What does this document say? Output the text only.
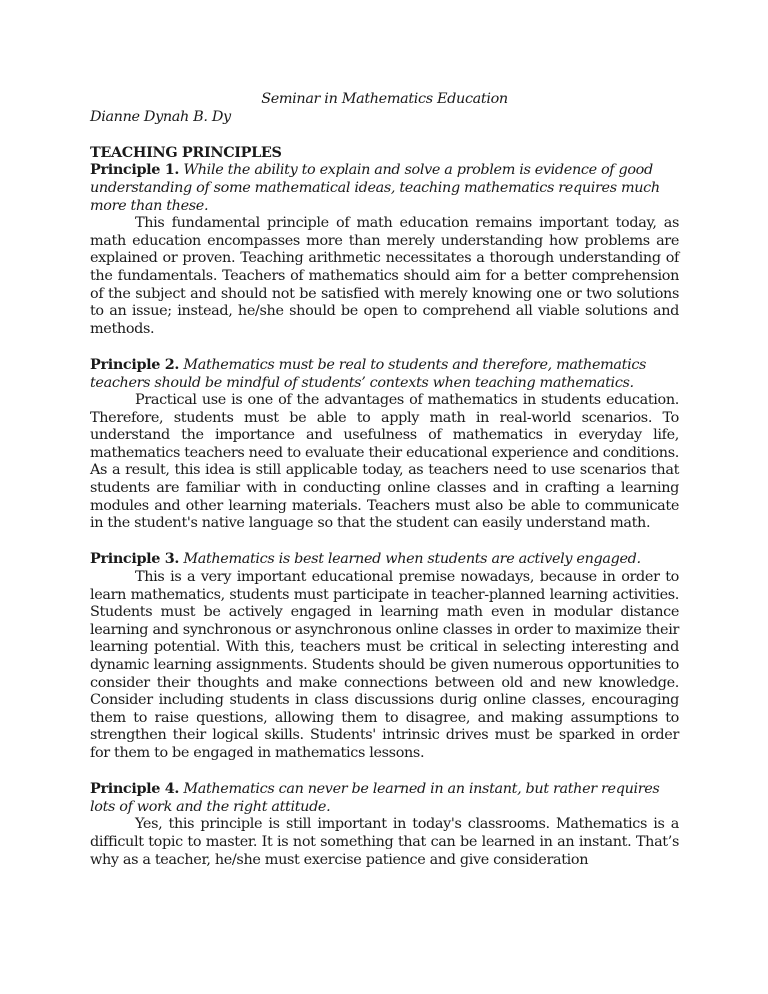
Seminar in Mathematics Education
Dianne Dynah B. Dy
TEACHING PRINCIPLES

Principle 1. While the ability to explain and solve a problem is evidence of good understanding of some mathematical ideas, teaching mathematics requires much more than these.

This fundamental principle of math education remains important today, as math education encompasses more than merely understanding how problems are explained or proven. Teaching arithmetic necessitates a thorough understanding of the fundamentals. Teachers of mathematics should aim for a better comprehension of the subject and should not be satisfied with merely knowing one or two solutions to an issue; instead, he/she should be open to comprehend all viable solutions and methods.

Principle 2. Mathematics must be real to students and therefore, mathematics teachers should be mindful of students’ contexts when teaching mathematics.

Practical use is one of the advantages of mathematics in students education. Therefore, students must be able to apply math in real-world scenarios. To understand the importance and usefulness of mathematics in everyday life, mathematics teachers need to evaluate their educational experience and conditions. As a result, this idea is still applicable today, as teachers need to use scenarios that students are familiar with in conducting online classes and in crafting a learning modules and other learning materials. Teachers must also be able to communicate in the student's native language so that the student can easily understand math.

Principle 3. Mathematics is best learned when students are actively engaged.

This is a very important educational premise nowadays, because in order to learn mathematics, students must participate in teacher-planned learning activities. Students must be actively engaged in learning math even in modular distance learning and synchronous or asynchronous online classes in order to maximize their learning potential. With this, teachers must be critical in selecting interesting and dynamic learning assignments. Students should be given numerous opportunities to consider their thoughts and make connections between old and new knowledge. Consider including students in class discussions durig online classes, encouraging them to raise questions, allowing them to disagree, and making assumptions to strengthen their logical skills. Students' intrinsic drives must be sparked in order for them to be engaged in mathematics lessons.

Principle 4. Mathematics can never be learned in an instant, but rather requires lots of work and the right attitude.

Yes, this principle is still important in today's classrooms. Mathematics is a difficult topic to master. It is not something that can be learned in an instant. That’s why as a teacher, he/she must exercise patience and give consideration
